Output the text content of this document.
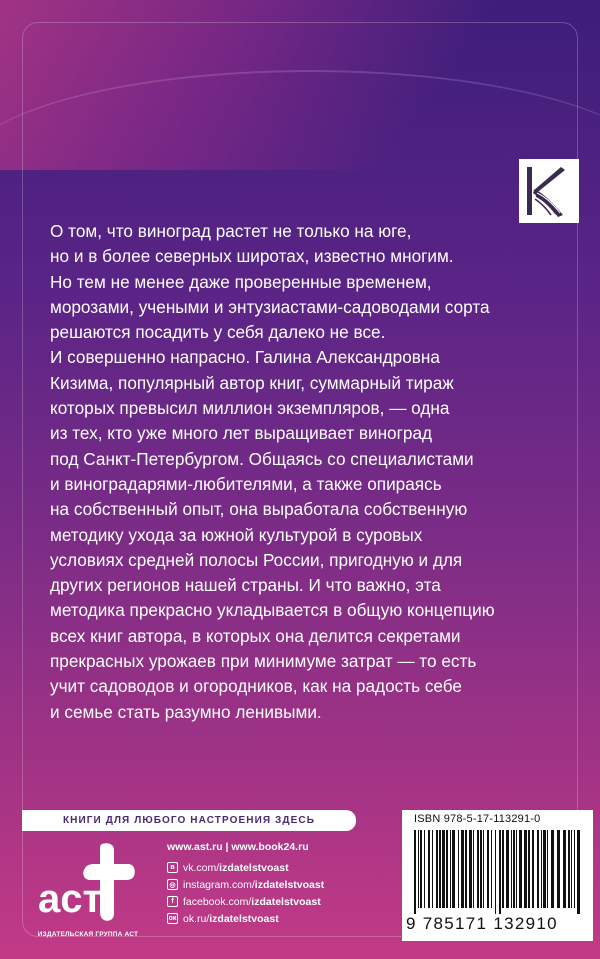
О том, что виноград растет не только на юге,

но и в более северных широтах, известно многим.

Но тем не менее даже проверенные временем,

морозами, учеными и энтузиастами-садоводами сорта

решаются посадить у себя далеко не все.

И совершенно напрасно. Галина Александровна

Кизима, популярный автор книг, суммарный тираж

которых превысил миллион экземпляров, — одна

из тех, кто уже много лет выращивает виноград

под Санкт-Петербургом. Общаясь со специалистами

и виноградарями-любителями, а также опираясь

на собственный опыт, она выработала собственную

методику ухода за южной культурой в суровых

условиях средней полосы России, пригодную и для

других регионов нашей страны. И что важно, эта

методика прекрасно укладывается в общую концепцию

всех книг автора, в которых она делится секретами

прекрасных урожаев при минимуме затрат — то есть

учит садоводов и огородников, как на радость себе

и семье стать разумно ленивыми.

КНИГИ ДЛЯ ЛЮБОГО НАСТРОЕНИЯ ЗДЕСЬ
аст
ИЗДАТЕЛЬСКАЯ ГРУППА АСТ
www.ast.ru | www.book24.ru
в vk.com/ izdatelstvoast
◎ instagram.com/ izdatelstvoast
f facebook.com/ izdatelstvoast
ок ok.ru/ izdatelstvoast
ISBN 978-5-17-113291-0
9 785171 132910
